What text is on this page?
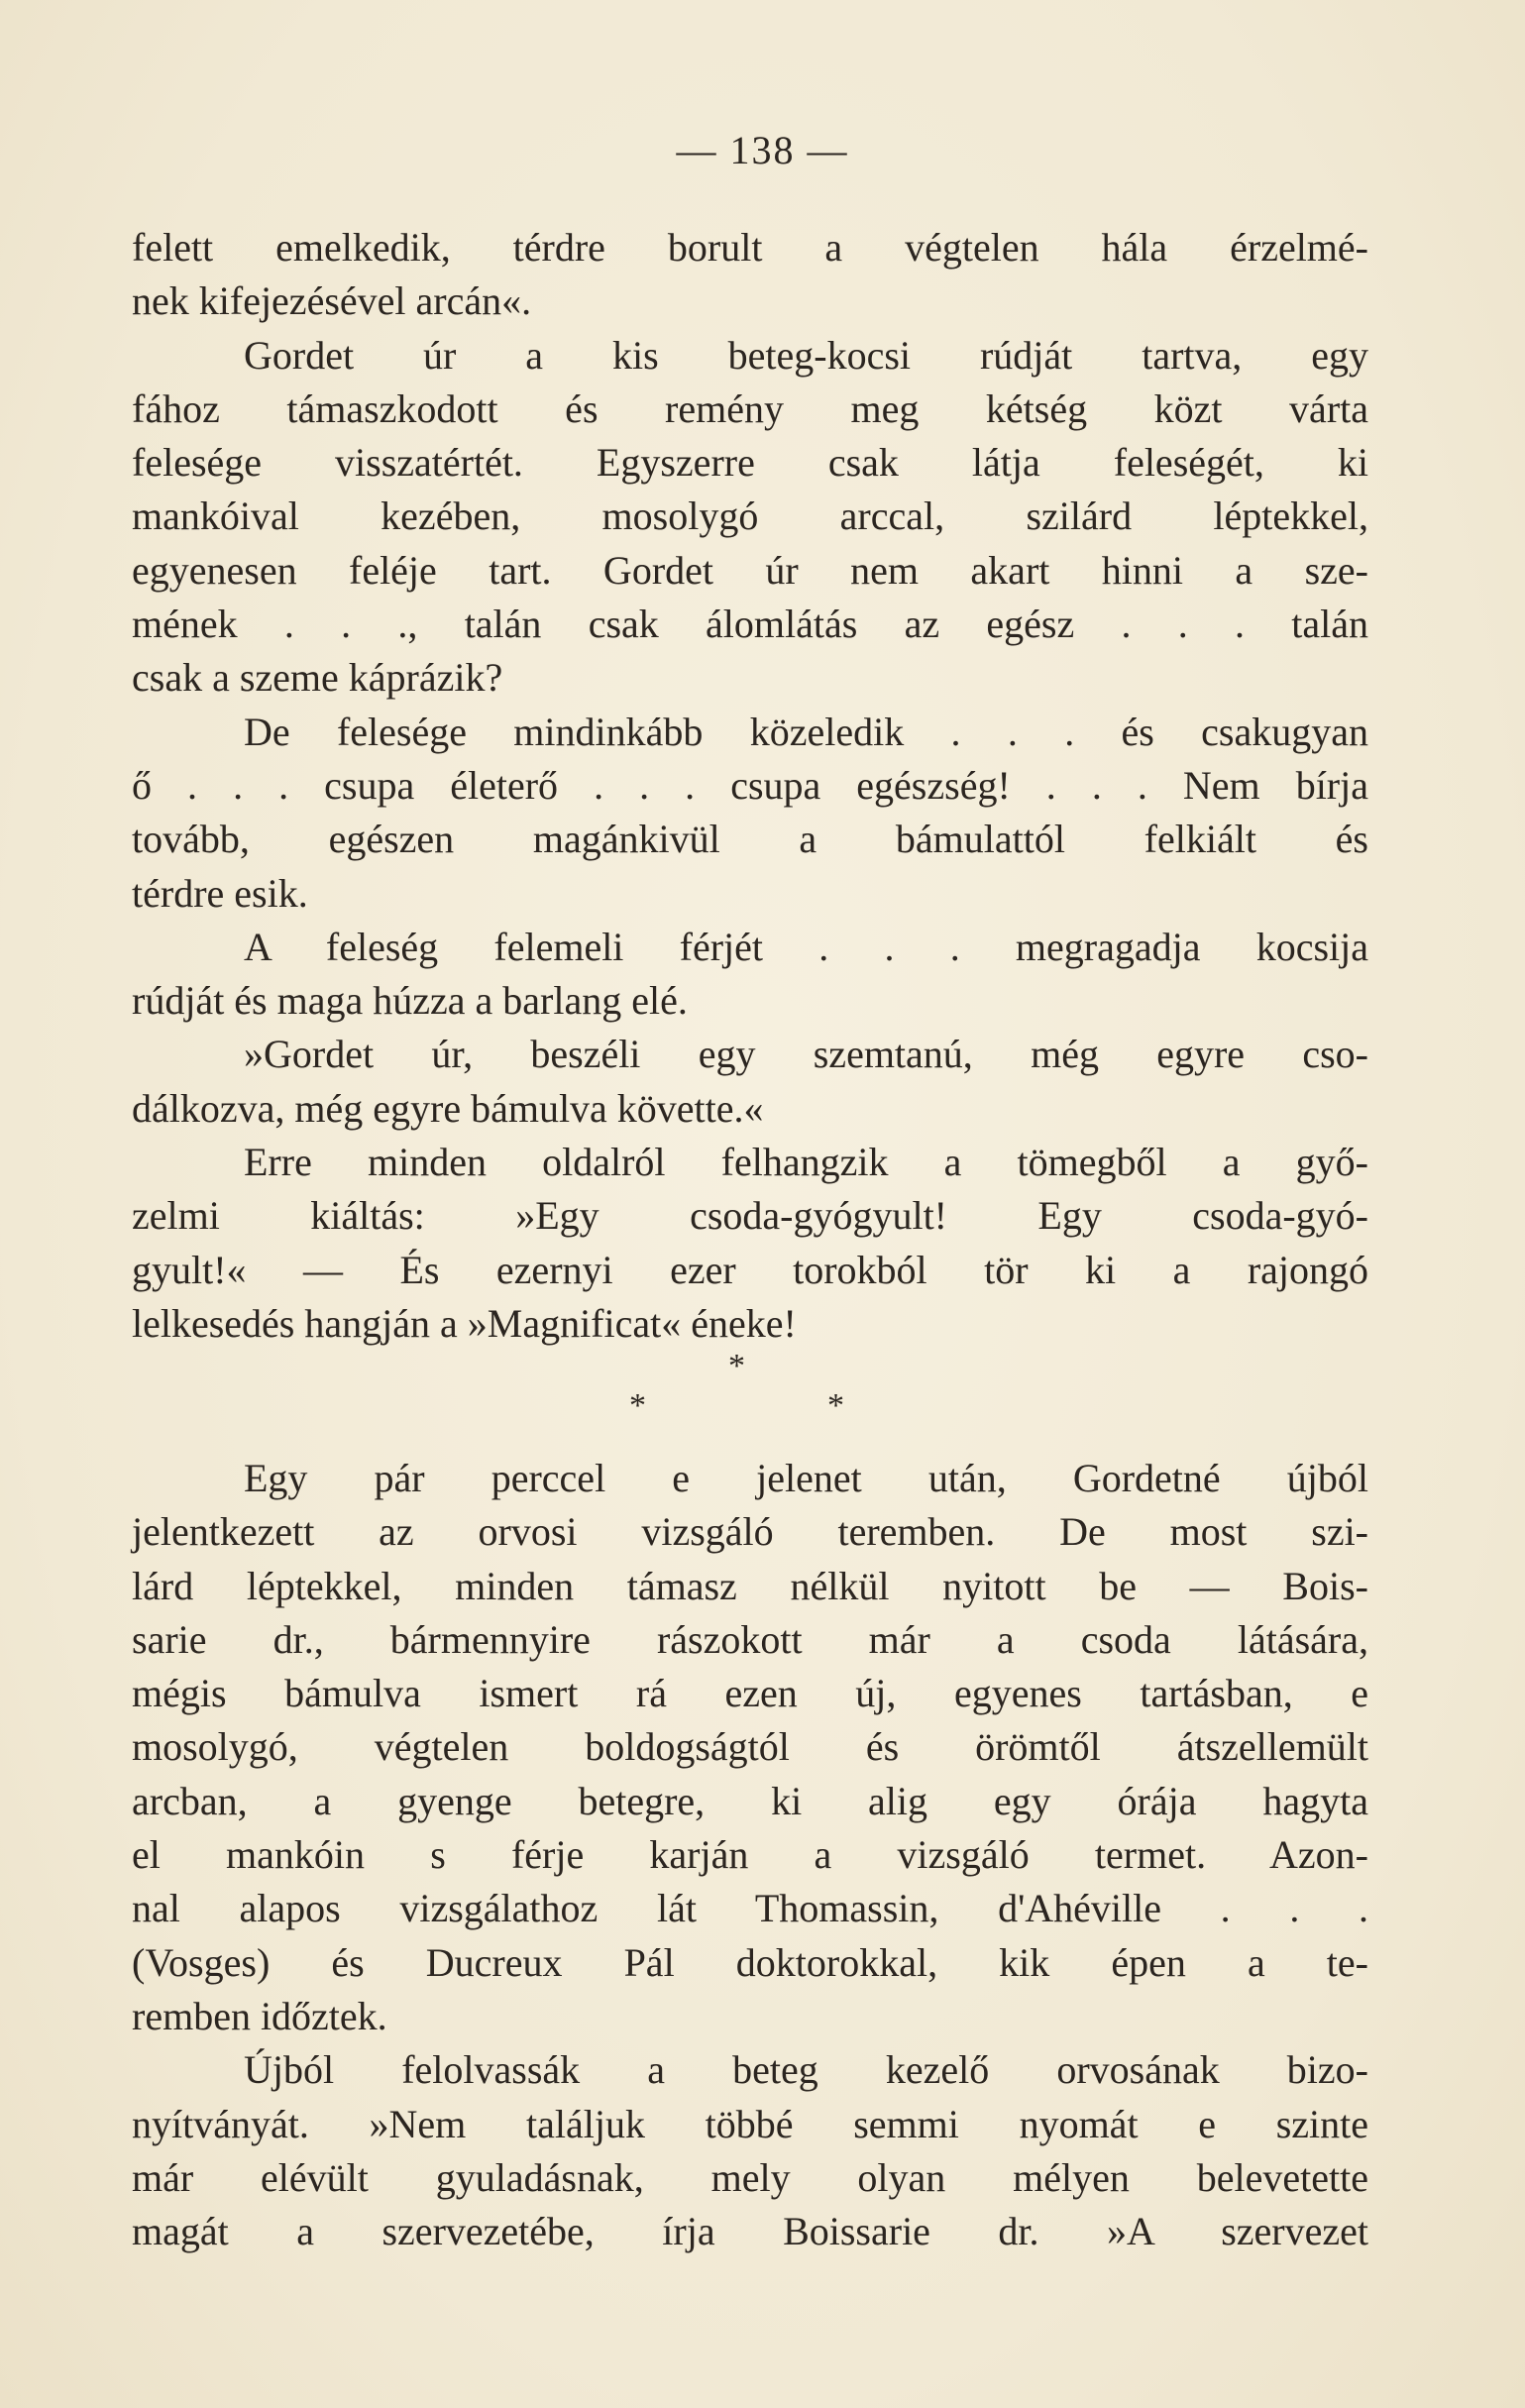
— 138 —
felett emelkedik, térdre borult a végtelen hála érzelmé-
nek kifejezésével arcán«.
Gordet úr a kis beteg-kocsi rúdját tartva, egy
fához támaszkodott és remény meg kétség közt várta
felesége visszatértét. Egyszerre csak látja feleségét, ki
mankóival kezében, mosolygó arccal, szilárd léptekkel,
egyenesen feléje tart. Gordet úr nem akart hinni a sze-
mének . . ., talán csak álomlátás az egész . . . talán
csak a szeme káprázik?
De felesége mindinkább közeledik . . . és csakugyan
ő . . . csupa életerő . . . csupa egészség! . . . Nem bírja
tovább, egészen magánkivül a bámulattól felkiált és
térdre esik.
A feleség felemeli férjét . . . megragadja kocsija
rúdját és maga húzza a barlang elé.
»Gordet úr, beszéli egy szemtanú, még egyre cso-
dálkozva, még egyre bámulva követte.«
Erre minden oldalról felhangzik a tömegből a győ-
zelmi kiáltás: »Egy csoda-gyógyult! Egy csoda-gyó-
gyult!« — És ezernyi ezer torokból tör ki a rajongó
lelkesedés hangján a »Magnificat« éneke!
*
*	*
Egy pár perccel e jelenet után, Gordetné újból
jelentkezett az orvosi vizsgáló teremben. De most szi-
lárd léptekkel, minden támasz nélkül nyitott be — Bois-
sarie dr., bármennyire rászokott már a csoda látására,
mégis bámulva ismert rá ezen új, egyenes tartásban, e
mosolygó, végtelen boldogságtól és örömtől átszellemült
arcban, a gyenge betegre, ki alig egy órája hagyta
el mankóin s férje karján a vizsgáló termet. Azon-
nal alapos vizsgálathoz lát Thomassin, d'Ahéville . . .
(Vosges) és Ducreux Pál doktorokkal, kik épen a te-
remben időztek.
Újból felolvassák a beteg kezelő orvosának bizo-
nyítványát. »Nem találjuk többé semmi nyomát e szinte
már elévült gyuladásnak, mely olyan mélyen belevetette
magát a szervezetébe, írja Boissarie dr. »A szervezet
